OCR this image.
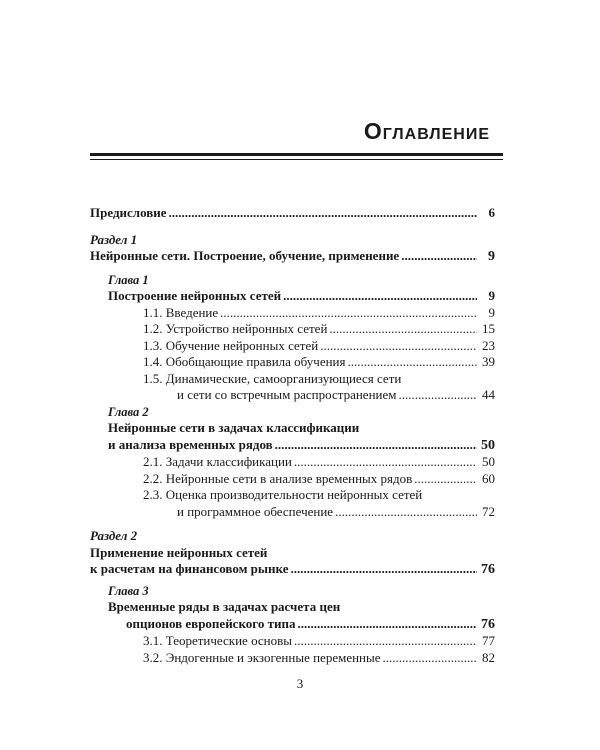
Оглавление
Предисловие .....	6
Раздел 1
Нейронные сети. Построение, обучение, применение .....	9
Глава 1
Построение нейронных сетей .....	9
1.1. Введение .....	9
1.2. Устройство нейронных сетей .....	15
1.3. Обучение нейронных сетей .....	23
1.4. Обобщающие правила обучения .....	39
1.5. Динамические, самоорганизующиеся сети
и сети со встречным распространением .....	44
Глава 2
Нейронные сети в задачах классификации
и анализа временных рядов .....	50
2.1. Задачи классификации .....	50
2.2. Нейронные сети в анализе временных рядов .....	60
2.3. Оценка производительности нейронных сетей
и программное обеспечение .....	72
Раздел 2
Применение нейронных сетей
к расчетам на финансовом рынке .....	76
Глава 3
Временные ряды в задачах расчета цен
опционов европейского типа .....	76
3.1. Теоретические основы .....	77
3.2. Эндогенные и экзогенные переменные .....	82
3
